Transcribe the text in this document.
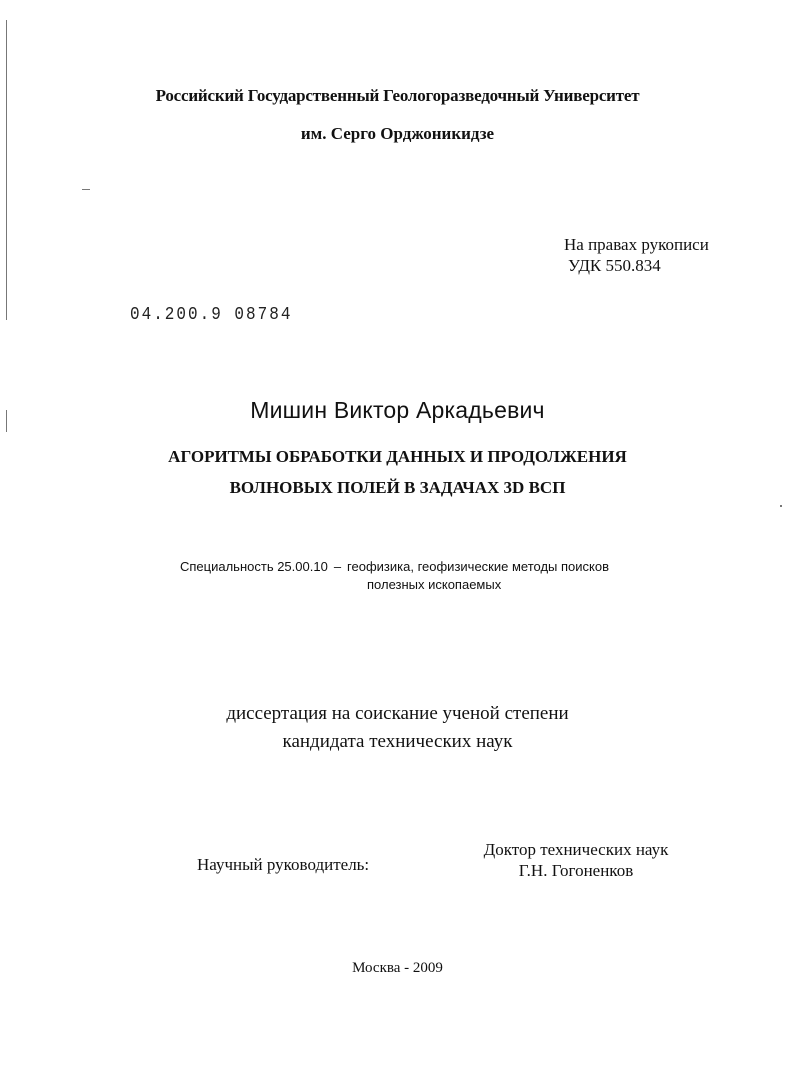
Российский Государственный Геологоразведочный Университет
им. Серго Орджоникидзе
На правах рукописи
УДК 550.834
04.200.9 08784
Мишин Виктор Аркадьевич
АГОРИТМЫ ОБРАБОТКИ ДАННЫХ И ПРОДОЛЖЕНИЯ
ВОЛНОВЫХ ПОЛЕЙ В ЗАДАЧАХ 3D ВСП
Специальность 25.00.10 – геофизика, геофизические методы поисков
полезных ископаемых
диссертация на соискание ученой степени
кандидата технических наук
Научный руководитель:
Доктор технических наук
Г.Н. Гогоненков
Москва - 2009
